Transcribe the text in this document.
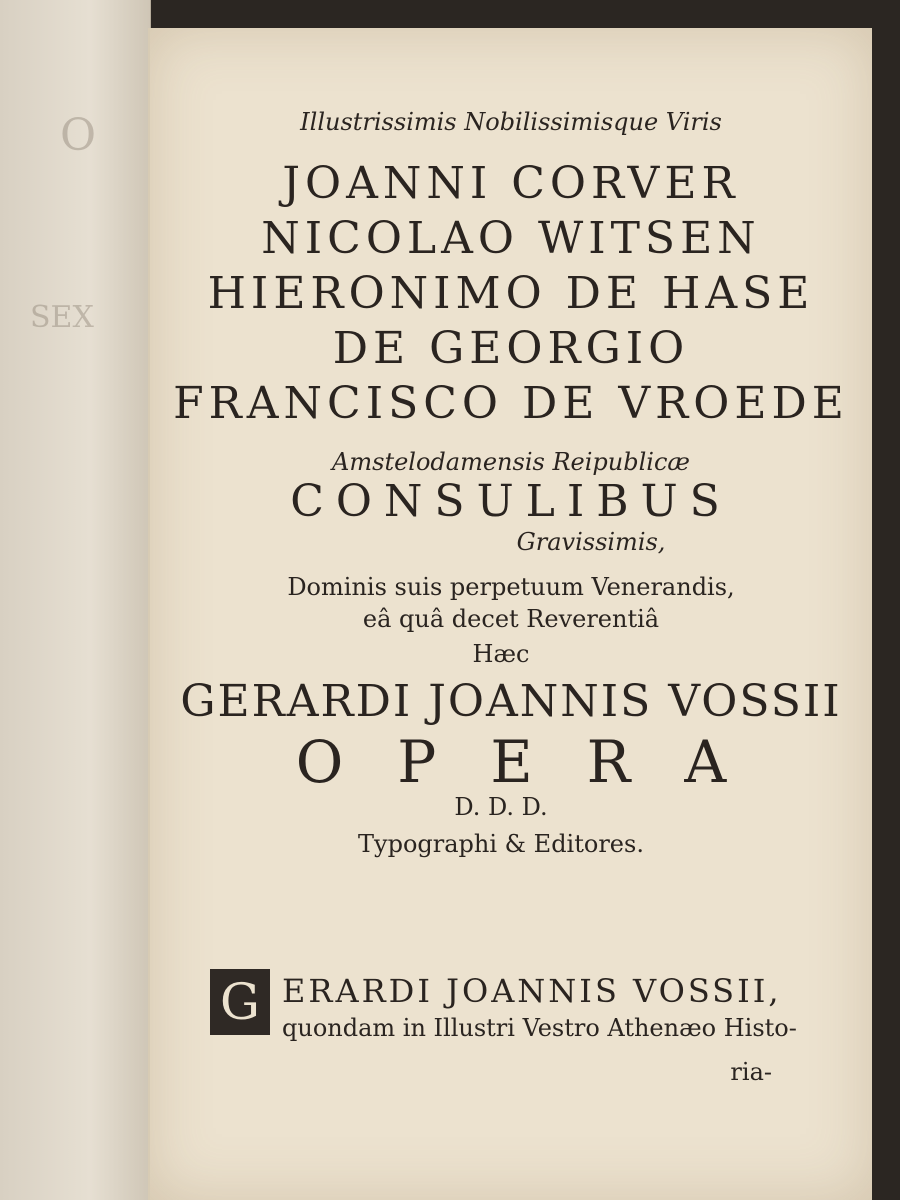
O
SEX
Illustrissimis Nobilissimisque Viris
JOANNI CORVER
NICOLAO WITSEN
HIERONIMO DE HASE
DE GEORGIO
FRANCISCO DE VROEDE
Amstelodamensis Reipublicæ
CONSULIBUS
Gravissimis,
Dominis suis perpetuum Venerandis,
eâ quâ decet Reverentiâ
Hæc
GERARDI JOANNIS VOSSII
OPERA
D. D. D.
Typographi & Editores.
G ERARDI JOANNIS VOSSII,
quondam in Illustri Vestro Athenæo Histo-
ria-
